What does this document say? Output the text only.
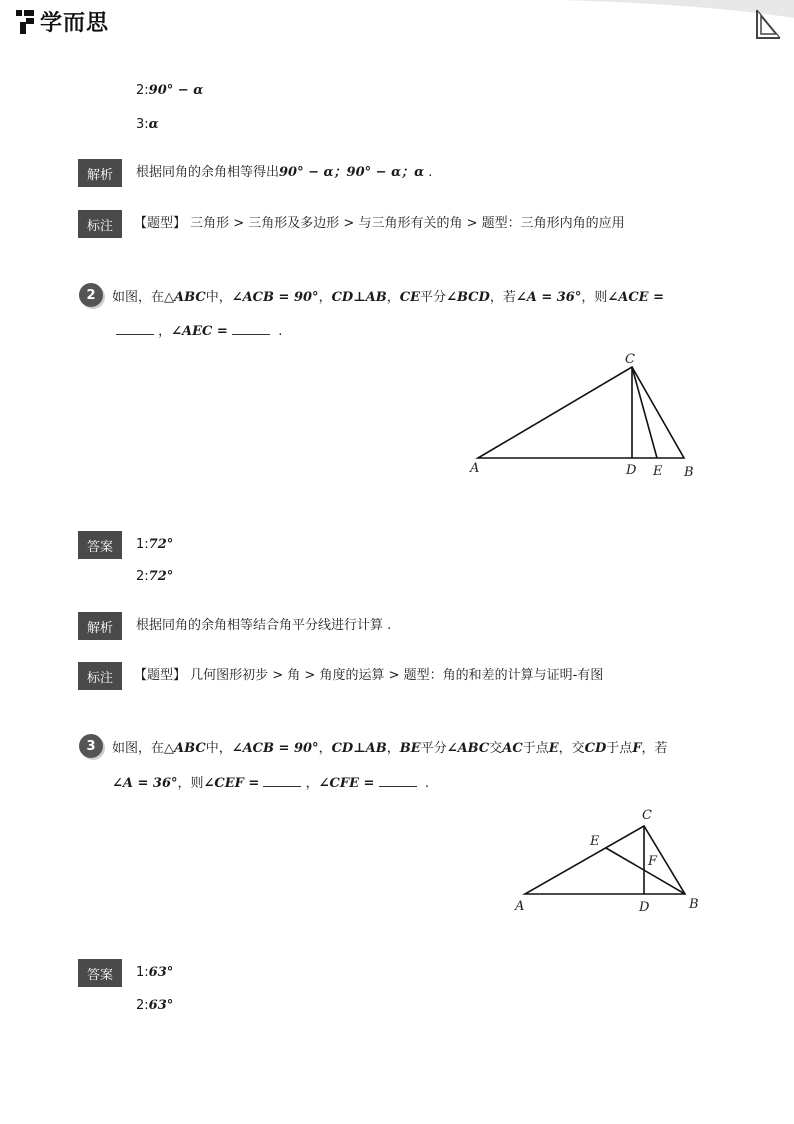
学而思
2:90° − α
3:α
解析	根据同角的余角相等得出90° − α；90° − α；α .
标注	【题型】 三角形 > 三角形及多边形 > 与三角形有关的角 > 题型：三角形内角的应用
2	如图，在△ABC中，∠ACB = 90°，CD⊥AB，CE平分∠BCD，若∠A = 36°，则∠ACE =
，∠AEC =	.
A	B
C
D E
答案	1:72°
2:72°
解析	根据同角的余角相等结合角平分线进行计算 .
标注	【题型】 几何图形初步 > 角 > 角度的运算 > 题型：角的和差的计算与证明-有图
3	如图，在△ABC中，∠ACB = 90°，CD⊥AB，BE平分∠ABC交AC于点E，交CD于点F，若
∠A = 36°，则∠CEF =	，∠CFE =	.
A	B
C
D
E
F
答案	1:63°
2:63°
